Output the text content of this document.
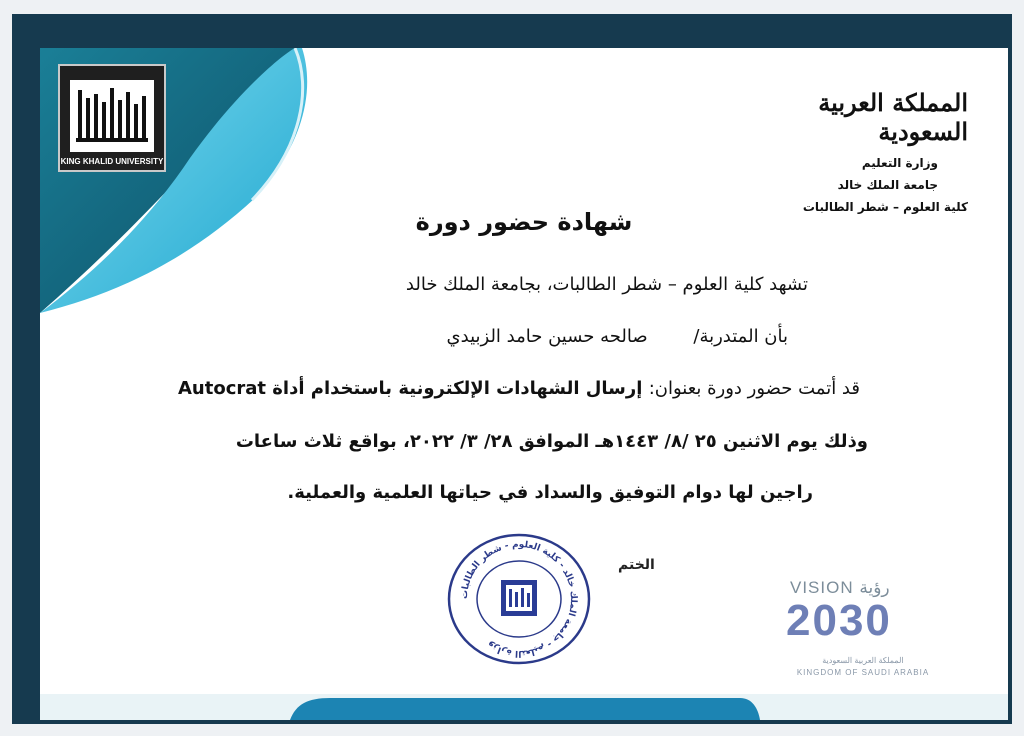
KING KHALID UNIVERSITY
المملكة العربية السعودية
وزارة التعليم
جامعة الملك خالد
كلية العلوم – شطر الطالبات
شهادة حضور دورة
تشهد كلية العلوم – شطر الطالبات، بجامعة الملك خالد
بأن المتدربة/ صالحه حسين حامد الزبيدي
قد أتمت حضور دورة بعنوان: إرسال الشهادات الإلكترونية باستخدام أداة Autocrat
وذلك يوم الاثنين ٢٥ /٨/ ١٤٤٣هـ الموافق ٢٨/ ٣/ ٢٠٢٢، بواقع ثلاث ساعات
راجين لها دوام التوفيق والسداد في حياتها العلمية والعملية.
الختم
وزارة التعليم - جامعة الملك خالد - كلية العلوم - شطر الطالبات
VISION رؤية
2030
المملكة العربية السعودية
KINGDOM OF SAUDI ARABIA
